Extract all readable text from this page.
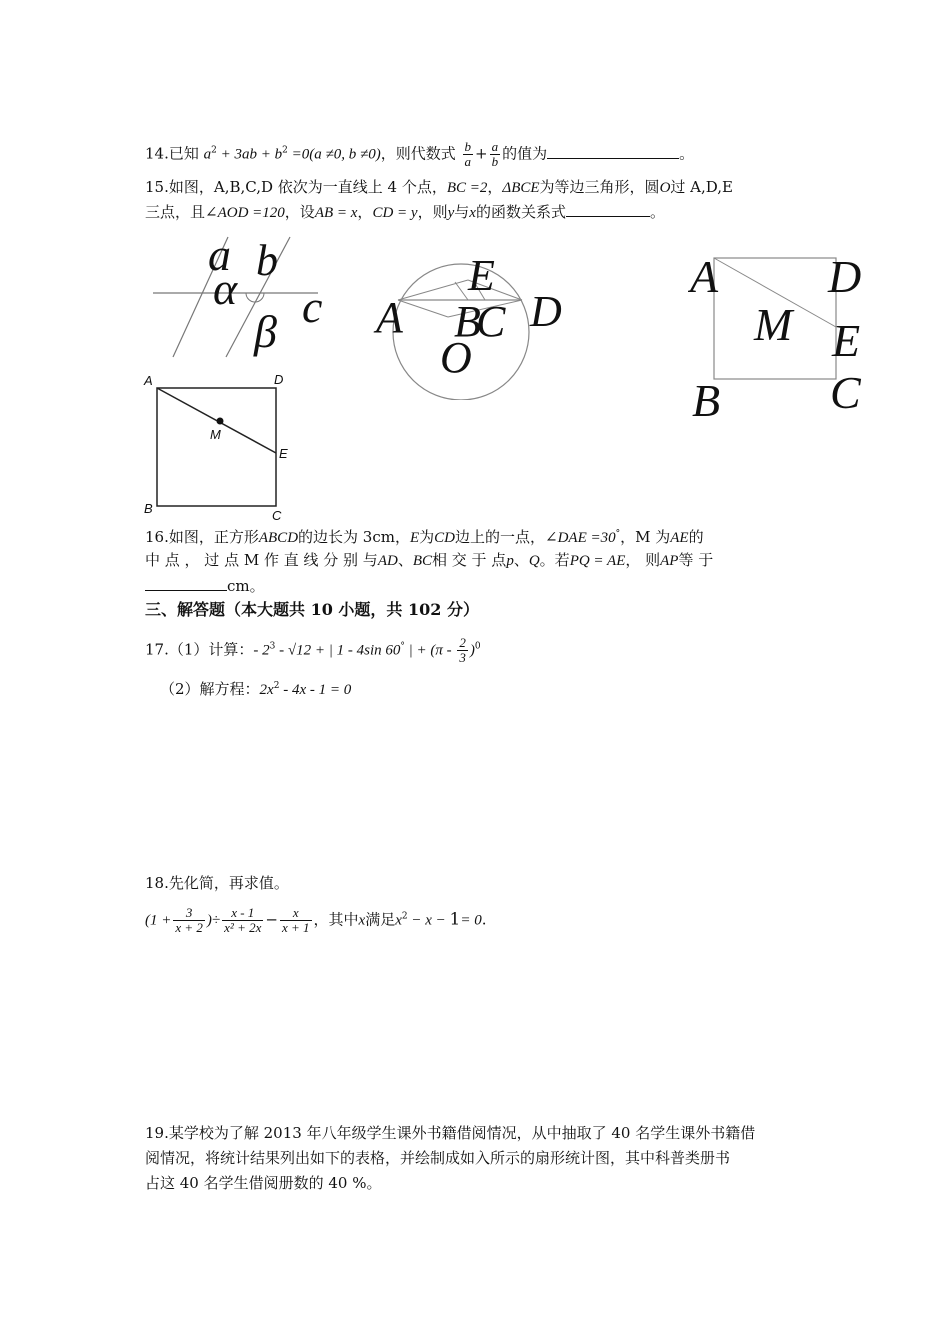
14.已知 $a^2 + 3ab + b^2 =0(a \ne 0$, b ≠0)，则代数式 $\frac{b}{a} + \frac{a}{b}$ 的值为	。
15.如图，A,B,C,D 依次为一直线上 4 个点，BC =2，ΔBCE为等边三角形，圆O过 A,D,E
三点，且∠AOD =120，设AB = x，CD = y，则y与x的函数关系式	。
a b
c
α
β A
E
B
C D
O
A D
M E
B C
A	D
M
E
B	C
16.如图，正方形ABCD的边长为 3cm，E为CD边上的一点，∠DAE =30°，M 为AE的
中 点 ， 过 点 M 作 直 线 分 别 与AD、BC相 交 于 点p、Q。若PQ = AE， 则AP等 于
cm。
三、解答题（本大题共 10 小题，共 102 分）
17.（1）计算：- $2^3 - √12$ + | 1 - 4sin 60° | + $(\pi - \frac{2}{3} )^0$
（2）解方程：$2x^2 - 4x - 1 = 0$
18.先化简，再求值。
($1 + \frac{3}{x + 2}$ )÷ $\frac{x - 1}{\text{x² + 2x}} - \frac{x}{x + 1}$ ，其中x满足$x^2 - x - 1= 0$.
19.某学校为了解 2013 年八年级学生课外书籍借阅情况，从中抽取了 40 名学生课外书籍借
阅情况，将统计结果列出如下的表格，并绘制成如入所示的扇形统计图，其中科普类册书
占这 40 名学生借阅册数的 40 %。
